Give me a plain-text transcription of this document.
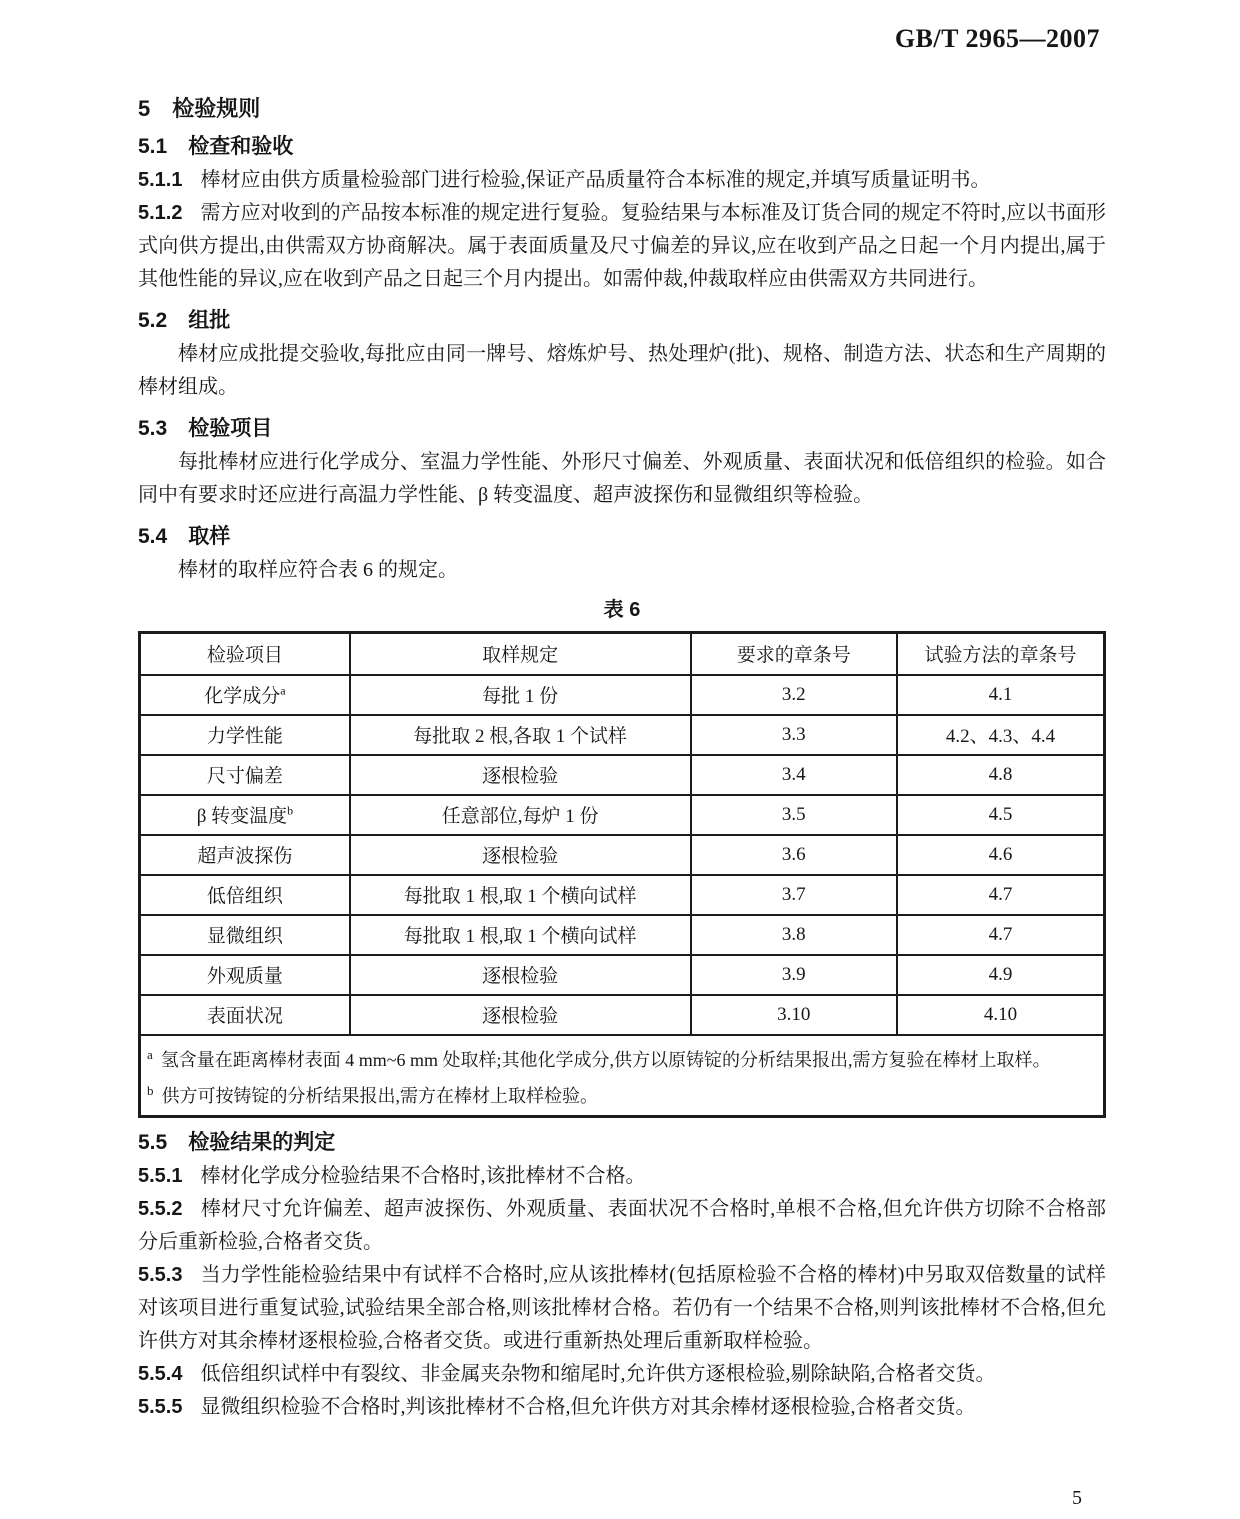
GB/T 2965—2007
5 检验规则
5.1 检查和验收

5.1.1 棒材应由供方质量检验部门进行检验,保证产品质量符合本标准的规定,并填写质量证明书。

5.1.2 需方应对收到的产品按本标准的规定进行复验。复验结果与本标准及订货合同的规定不符时,应以书面形式向供方提出,由供需双方协商解决。属于表面质量及尺寸偏差的异议,应在收到产品之日起一个月内提出,属于其他性能的异议,应在收到产品之日起三个月内提出。如需仲裁,仲裁取样应由供需双方共同进行。

5.2 组批

棒材应成批提交验收,每批应由同一牌号、熔炼炉号、热处理炉(批)、规格、制造方法、状态和生产周期的棒材组成。

5.3 检验项目

每批棒材应进行化学成分、室温力学性能、外形尺寸偏差、外观质量、表面状况和低倍组织的检验。如合同中有要求时还应进行高温力学性能、β 转变温度、超声波探伤和显微组织等检验。

5.4 取样

棒材的取样应符合表 6 的规定。

表 6
检验项目	取样规定	要求的章条号	试验方法的章条号
化学成分$^a$	每批 1 份	3.2	4.1
力学性能	每批取 2 根,各取 1 个试样	3.3	4.2、4.3、4.4
尺寸偏差	逐根检验	3.4	4.8
β 转变温度$^b$	任意部位,每炉 1 份	3.5	4.5
超声波探伤	逐根检验	3.6	4.6
低倍组织	每批取 1 根,取 1 个横向试样	3.7	4.7
显微组织	每批取 1 根,取 1 个横向试样	3.8	4.7
外观质量	逐根检验	3.9	4.9
表面状况	逐根检验	3.10	4.10

$^a$ 氢含量在距离棒材表面 4 mm~6 mm 处取样;其他化学成分,供方以原铸锭的分析结果报出,需方复验在棒材上取样。
$^b$ 供方可按铸锭的分析结果报出,需方在棒材上取样检验。			
5.5 检验结果的判定

5.5.1 棒材化学成分检验结果不合格时,该批棒材不合格。

5.5.2 棒材尺寸允许偏差、超声波探伤、外观质量、表面状况不合格时,单根不合格,但允许供方切除不合格部分后重新检验,合格者交货。

5.5.3 当力学性能检验结果中有试样不合格时,应从该批棒材(包括原检验不合格的棒材)中另取双倍数量的试样对该项目进行重复试验,试验结果全部合格,则该批棒材合格。若仍有一个结果不合格,则判该批棒材不合格,但允许供方对其余棒材逐根检验,合格者交货。或进行重新热处理后重新取样检验。

5.5.4 低倍组织试样中有裂纹、非金属夹杂物和缩尾时,允许供方逐根检验,剔除缺陷,合格者交货。

5.5.5 显微组织检验不合格时,判该批棒材不合格,但允许供方对其余棒材逐根检验,合格者交货。

5
